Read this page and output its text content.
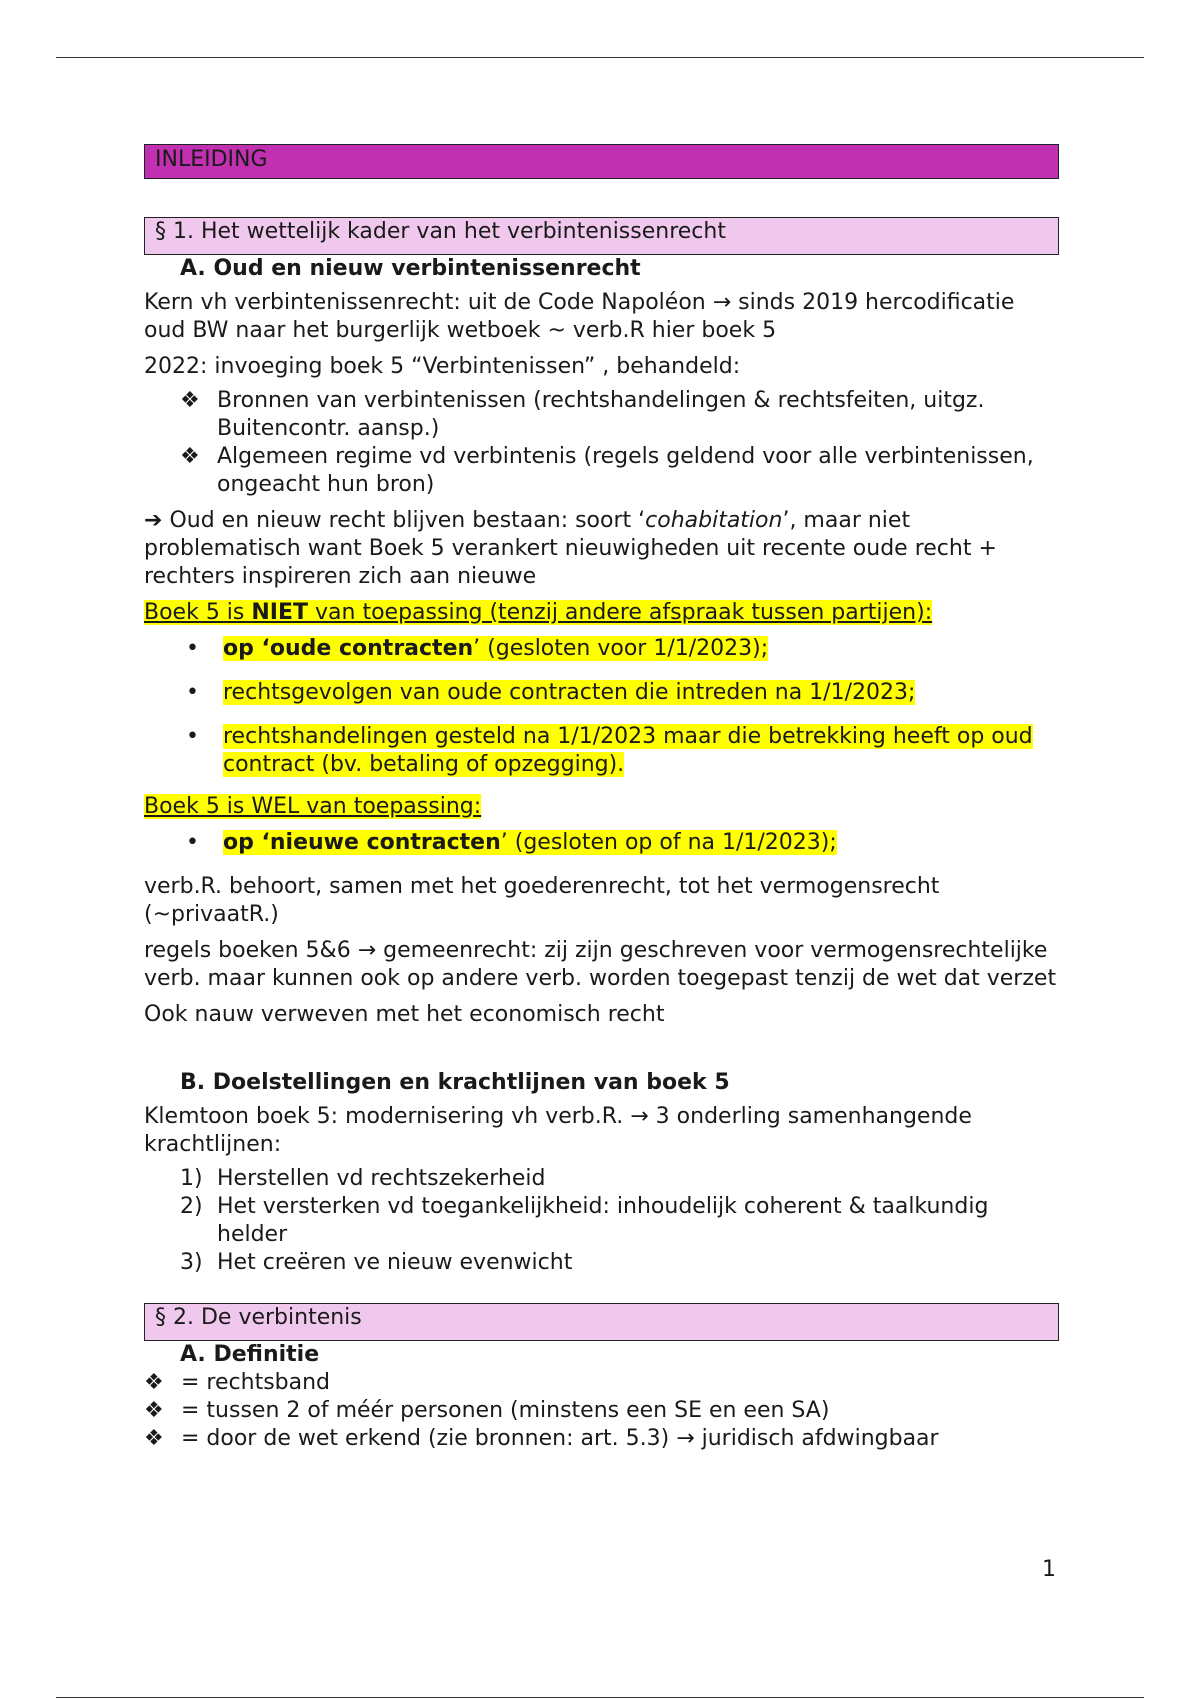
INLEIDING
§ 1. Het wettelijk kader van het verbintenissenrecht
A. Oud en nieuw verbintenissenrecht

Kern vh verbintenissenrecht: uit de Code Napoléon → sinds 2019 hercodificatie oud BW naar het burgerlijk wetboek ~ verb.R hier boek 5

2022: invoeging boek 5 “Verbintenissen” , behandeld:

❖ Bronnen van verbintenissen (rechtshandelingen & rechtsfeiten, uitgz. Buitencontr. aansp.)
❖ Algemeen regime vd verbintenis (regels geldend voor alle verbintenissen, ongeacht hun bron)

➔ Oud en nieuw recht blijven bestaan: soort ‘cohabitation’, maar niet problematisch want Boek 5 verankert nieuwigheden uit recente oude recht + rechters inspireren zich aan nieuwe

Boek 5 is NIET van toepassing (tenzij andere afspraak tussen partijen):

• op ‘oude contracten’ (gesloten voor 1/1/2023);
• rechtsgevolgen van oude contracten die intreden na 1/1/2023;
• rechtshandelingen gesteld na 1/1/2023 maar die betrekking heeft op oud contract (bv. betaling of opzegging).

Boek 5 is WEL van toepassing:

• op ‘nieuwe contracten’ (gesloten op of na 1/1/2023);

verb.R. behoort, samen met het goederenrecht, tot het vermogensrecht (~privaatR.)

regels boeken 5&6 → gemeenrecht: zij zijn geschreven voor vermogensrechtelijke verb. maar kunnen ook op andere verb. worden toegepast tenzij de wet dat verzet

Ook nauw verweven met het economisch recht

B. Doelstellingen en krachtlijnen van boek 5

Klemtoon boek 5: modernisering vh verb.R. → 3 onderling samenhangende krachtlijnen:

1) Herstellen vd rechtszekerheid
2) Het versterken vd toegankelijkheid: inhoudelijk coherent & taalkundig helder
3) Het creëren ve nieuw evenwicht
§ 2. De verbintenis
A. Definitie
❖ = rechtsband
❖ = tussen 2 of méér personen (minstens een SE en een SA)
❖ = door de wet erkend (zie bronnen: art. 5.3) → juridisch afdwingbaar
1
